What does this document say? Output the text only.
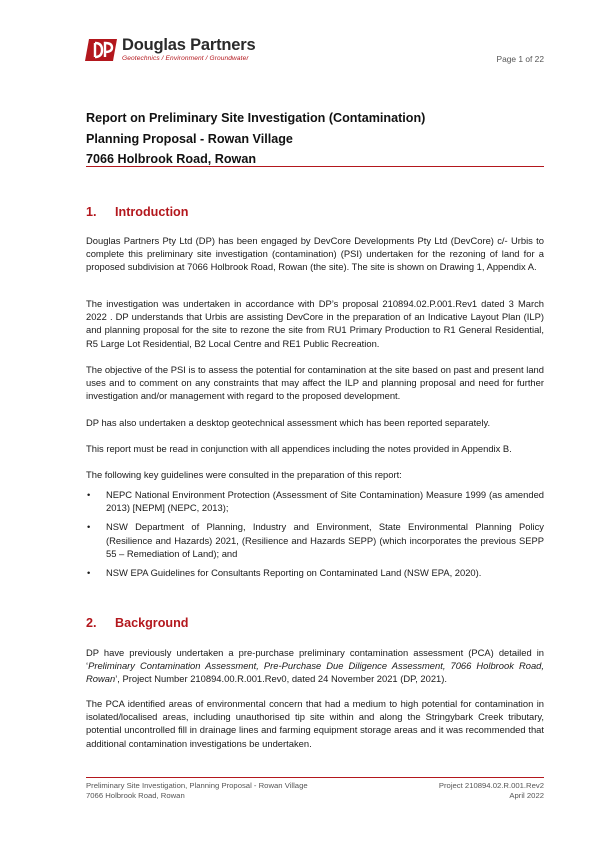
Douglas Partners
Geotechnics / Environment / Groundwater	Page 1 of 22
Report on Preliminary Site Investigation (Contamination)
Planning Proposal - Rowan Village
7066 Holbrook Road, Rowan
1. Introduction
Douglas Partners Pty Ltd (DP) has been engaged by DevCore Developments Pty Ltd (DevCore) c/- Urbis to complete this preliminary site investigation (contamination) (PSI) undertaken for the rezoning of land for a proposed subdivision at 7066 Holbrook Road, Rowan (the site). The site is shown on Drawing 1, Appendix A.
The investigation was undertaken in accordance with DP’s proposal 210894.02.P.001.Rev1 dated 3 March 2022 . DP understands that Urbis are assisting DevCore in the preparation of an Indicative Layout Plan (ILP) and planning proposal for the site to rezone the site from RU1 Primary Production to R1 General Residential, R5 Large Lot Residential, B2 Local Centre and RE1 Public Recreation.
The objective of the PSI is to assess the potential for contamination at the site based on past and present land uses and to comment on any constraints that may affect the ILP and planning proposal and need for further investigation and/or management with regard to the proposed development.
DP has also undertaken a desktop geotechnical assessment which has been reported separately.
This report must be read in conjunction with all appendices including the notes provided in Appendix B.
The following key guidelines were consulted in the preparation of this report:
• NEPC National Environment Protection (Assessment of Site Contamination) Measure 1999 (as amended 2013) [NEPM] (NEPC, 2013);
• NSW Department of Planning, Industry and Environment, State Environmental Planning Policy (Resilience and Hazards) 2021, (Resilience and Hazards SEPP) (which incorporates the previous SEPP 55 – Remediation of Land); and
• NSW EPA Guidelines for Consultants Reporting on Contaminated Land (NSW EPA, 2020).
2. Background
DP have previously undertaken a pre-purchase preliminary contamination assessment (PCA) detailed in ‘Preliminary Contamination Assessment, Pre-Purchase Due Diligence Assessment, 7066 Holbrook Road, Rowan’, Project Number 210894.00.R.001.Rev0, dated 24 November 2021 (DP, 2021).
The PCA identified areas of environmental concern that had a medium to high potential for contamination in isolated/localised areas, including unauthorised tip site within and along the Stringybark Creek tributary, potential uncontrolled fill in drainage lines and farming equipment storage areas and it was recommended that additional contamination investigations be undertaken.
Preliminary Site Investigation, Planning Proposal - Rowan Village
7066 Holbrook Road, Rowan
Project 210894.02.R.001.Rev2
April 2022
